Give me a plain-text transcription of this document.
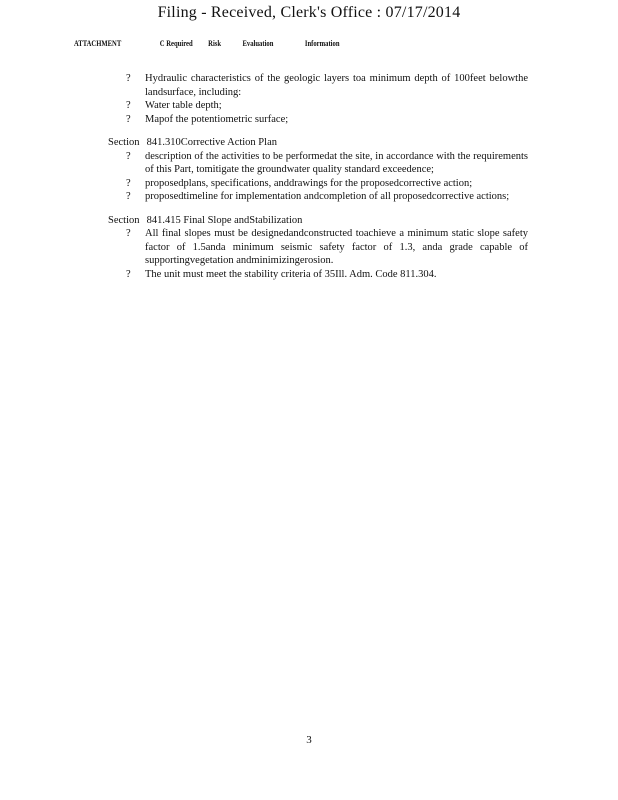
Filing - Received, Clerk's Office : 07/17/2014
ATTACHMENT	C Required Risk	Evaluation	Information
? Hydraulic characteristics of the geologic layers toa minimum depth of 100feet belowthe landsurface, including:
? Water table depth;
? Mapof the potentiometric surface;
Section 841.310Corrective Action Plan
? description of the activities to be performedat the site, in accordance with the requirements of this Part, tomitigate the groundwater quality standard exceedence;
? proposedplans, specifications, anddrawings for the proposedcorrective action;
? proposedtimeline for implementation andcompletion of all proposedcorrective actions;
Section 841.415 Final Slope andStabilization
? All final slopes must be designedandconstructed toachieve a minimum static slope safety factor of 1.5anda minimum seismic safety factor of 1.3, anda grade capable of supportingvegetation andminimizingerosion.
? The unit must meet the stability criteria of 35Ill. Adm. Code 811.304.
3
